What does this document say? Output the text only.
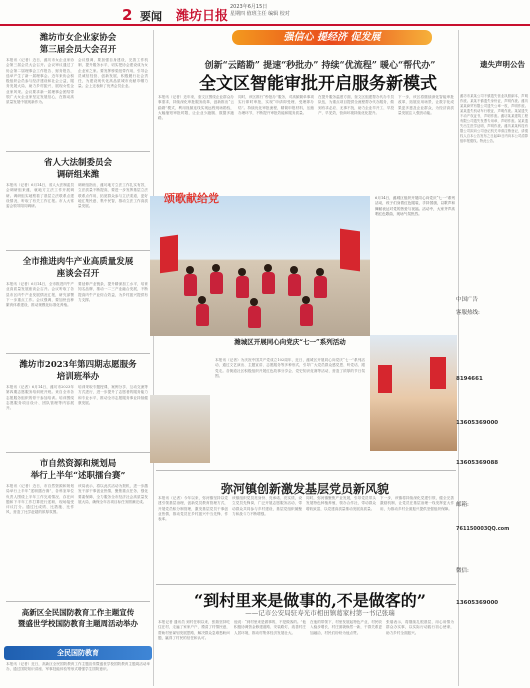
2 要闻 潍坊日报
2023年6月15日
星期四 值班主任 编辑 校对
潍坊市女企业家协会
第三届会员大会召开
本报讯（记者）近日，潍坊市女企业家协会第三届会员大会召开。会议审议通过了协会第二届理事会工作报告、财务报告，选举产生了新一届理事会。近年来协会积极组织会员参与经济建设和社会公益，服务发展大局，助力乡村振兴，展现女性企业家风采。会议要求新一届理事会团结带领广大女企业家坚定发展信心，在推动高质量发展中展现新作为。
会议强调，要加强自身建设，完善工作机制，提升服务水平，切实把协会建设成为女企业家之家。要发挥桥梁纽带作用，引导会员诚信经营、创新发展，积极履行社会责任，为建设现代化高品质城市贡献巾帼力量。会上还表彰了优秀会员企业。
省人大法制委员会
调研组来潍
本报讯（记者）6月14日，省人大法制委员会调研组来潍，就地方立法工作开展调研。调研组实地察看了基层立法联系点建设情况，听取了有关工作汇报。市人大常委会领导陪同调研。
调研组指出，潍坊地方立法工作扎实有效，立法质量不断提高，要进一步发挥基层立法联系点作用，拓宽群众参与立法渠道，更好地汇集民意、集中民智，推动立法工作高质量发展。
全市推进肉牛产业高质量发展
座谈会召开
本报讯（记者）6月14日，全市推进肉牛产业高质量发展座谈会召开。会议听取了各县市区肉牛产业发展情况汇报，研究部署下一步重点工作。会议强调，要加快良种繁育体系建设，推动规模化标准化养殖。
要延伸产业链条，提升精深加工水平，培育知名品牌，推动一二三产业融合发展，不断提高肉牛产业综合效益，为乡村振兴提供有力支撑。
潍坊市2023年第四期志愿服务
培训班举办
本报讯（记者）6月14日，潍坊市2023年第四期志愿服务培训班开班。来自全市各志愿服务组织的骨干参加培训。培训围绕志愿服务项目设计、团队管理等内容展开。
培训采取专题授课、案例分享、互动交流等方式进行，进一步提升了志愿者的服务能力和专业水平，推动全市志愿服务事业持续健康发展。
市自然资源和规划局
举行上半年“述职擂台赛”
本报讯（记者）近日，市自然资源和规划局举行上半年“述职擂台赛”，各科室单位负责人围绕上半年工作完成情况、存在问题和下半年工作打算进行述职，现场接受评议打分。通过比成绩、比措施、比作风，营造了比学赶超的浓厚氛围。
该局表示，将以此次活动为契机，进一步激发干部干事创业热情，聚焦重点任务，强化要素保障，全力服务全市经济社会高质量发展大局，确保全年各项目标任务圆满完成。
高新区全民国防教育工作主题宣传
暨盛世学校国防教育主题周活动举办
全民国防教育
本报讯（记者）近日，高新区全民国防教育工作主题宣传暨盛世学校国防教育主题周活动举办，通过国防知识讲座、军事技能体验等形式增强学生国防意识。
强信心 提经济 促发展
创新“云踏勘” 提速“秒批办” 持续“优流程” 暖心“帮代办”
全文区智能审批开启服务新模式
本报讯（记者）近年来，奎文区围绕企业群众办事需求，持续深化审批服务改革，创新推出“云踏勘”模式，利用视频连线实现远程现场勘验，大幅缩短审批时限，让企业少跑腿、数据多跑路。
同时，该区推行“秒批办”服务，对高频简单事项实行即时审批，实现“申请即受理、受理即办结”。持续优化审批流程，精简申报材料，压缩办理环节，不断提升审批效能和服务质量。
在提升服务温度方面，奎文区组建帮办代办专员队伍，为重点项目提供全流程帮办代办服务，做到有求必应、无事不扰，助力企业早开工、早投产、早见效，营商环境持续优化提升。
下一步，该区将继续深化智能审批改革，拓展应用场景，让数字化成果更多惠及企业群众，为经济高质量发展注入强劲动能。
颂歌献给党	6月14日，潍城区组织开展同心向党庆“七一”系列活动，孩子们身着红色服装，手持国旗，以歌声和舞蹈表达对党的热爱与祝福。活动中，大家齐声高唱红色歌曲，现场气氛热烈。
潍城区开展同心向党庆“七一”系列活动
本报讯（记者）为庆祝中国共产党成立102周年，近日，潍城区开展同心向党庆“七一”系列活动，通过文艺演出、主题宣讲、志愿服务等多种形式，引导广大党员群众感党恩、听党话、跟党走。各街道社区积极组织开展红色故事分享会、党史知识竞赛等活动，营造了浓厚的节日氛围。
弥河镇创新激发基层党员新风貌
本报讯（记者）今年以来，弥河镇坚持以党建引领基层治理，创新党员教育管理方式，开展党员积分制管理，激发基层党员干事创业热情，推动党员在乡村振兴中当先锋、作表率。
该镇组织党员亮身份、亮承诺、亮实绩，设立党员先锋岗，广泛开展志愿服务活动，带动群众共同参与乡村建设，基层党组织凝聚力和战斗力不断增强。
同时，弥河镇聚焦产业发展，引导党员带头发展特色种植养殖，领办合作社，带动群众增收致富，以党建高质量推动发展高质量。
下一步，该镇将持续深化党建引领，健全完善激励机制，让党员在基层治理一线发挥更大作用，为推动乡村全面振兴提供坚强组织保障。
“到村里来是做事的,不是做客的”
——记市公安局驻寿光市相田镇葛家村第一书记张瑞
本报记者 通讯员 到村任职以来，张瑞坚持吃住在村，走遍了家家户户，摸清了村情民意，帮助村里谋划发展思路，解决群众急难愁盼问题，赢得了村民的信任和认可。
他说：“到村里来是做事的，不是做客的。”他积极协调资金修建道路、安装路灯，改善村庄人居环境，推动村集体经济发展壮大。
在他的带领下，村里发展起特色产业，村民收入稳步增长，村庄面貌焕然一新，干群关系更加融洽，村民们纷纷为他点赞。
张瑞表示，将继续扎根基层，用心用情为群众办实事，以实际行动践行初心使命，助力乡村全面振兴。
遗失声明公告
潍坊市某某公司不慎遗失营业执照副本，声明作废。某某不慎遗失身份证，声明作废。潍坊某某商贸有限公司遗失公章一枚，声明作废。某某遗失机动车行驶证，声明作废。某某遗失不动产权证书，声明作废。潍坊某某建筑工程有限公司遗失发票专用章，声明作废。某某遗失出生医学证明，声明作废。潍坊某某科技有限公司拟向公司登记机关申请注销登记，请债权人自本公告发布之日起45日内向本公司清算组申报债权。特此公告。
中国广告
客服热线:
8194661
13605369000
13605369088
邮箱:
761150003QQ.com
微信:
13605369000
